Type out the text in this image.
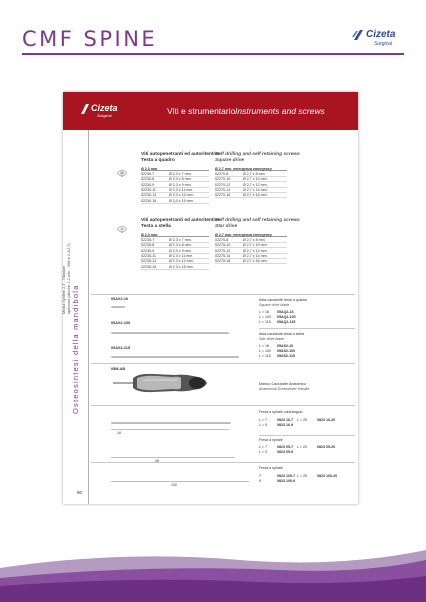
CMF SPINE	Cizeta
Surgical
Cizeta
Surgical	Viti e strumentario Instruments and screws
Osteosintesi della mandibola
Modul System 2,3 - Titanium spessore placche 1,2 mm - VIM ø 2,3/2,7)
90
Viti autopenetranti ed autoritentive
Testa a quadro
Self drilling and self retaining screws
Square drive
Ø 2,3 mm.
02230-7	Ø 2,3 x 7 mm.
02230-8	Ø 2,3 x 8 mm.
02230-9	Ø 2,3 x 9 mm.
02230-11	Ø 2,3 x 11 mm.
02230-13	Ø 2,3 x 13 mm.
02230-15	Ø 2,3 x 15 mm.
Ø 2,7 mm. emergenza emergency
02270-8	Ø 2,7 x 8 mm.
02270-10	Ø 2,7 x 10 mm.
02270-12	Ø 2,7 x 12 mm.
02270-14	Ø 2,7 x 14 mm.
02270-16	Ø 2,7 x 16 mm.
Viti autopenetranti ed autoritentive
Testa a stella
Self drilling and self retaining screws
Star drive
Ø 2,3 mm.
02235-7	Ø 2,3 x 7 mm.
02235-8	Ø 2,3 x 8 mm.
02235-9	Ø 2,3 x 9 mm.
02235-11	Ø 2,3 x 11 mm.
02235-13	Ø 2,3 x 13 mm.
02235-15	Ø 2,3 x 15 mm.
Ø 2,7 mm. emergenza emergency
02275-8	Ø 2,7 x 8 mm.
02275-10	Ø 2,7 x 10 mm.
02275-12	Ø 2,7 x 12 mm.
02275-14	Ø 2,7 x 14 mm.
02275-16	Ø 2,7 x 16 mm.
05AX2-16
05AX2-100
05AX2-115
Asta cacciavite testa a quadro
Square drive blade
L = 16 05AQ2-16
L = 100 05AQ2-100
L = 115 05AQ2-115
Asta cacciavite testa a stella
Star drive blade
L = 16 05AS2-16
L = 100 05AS2-100
L = 115 05AS2-115
05M-AB
Manico Cacciavite Anatomico
Anatomical Screwdriver Handle
16
Fresa a spirale contrangolo
L = 7	0823 16-7 L = 20	0823 16-20
L = 9	0823 16-9
45
Fresa a spirale
L = 7	0823 05-7 L = 20	0823 05-20
L = 9	0823 05-9
100
Fresa a spirale
7	0823 100-7 L = 20	0823 100-20
9	0823 100-9
